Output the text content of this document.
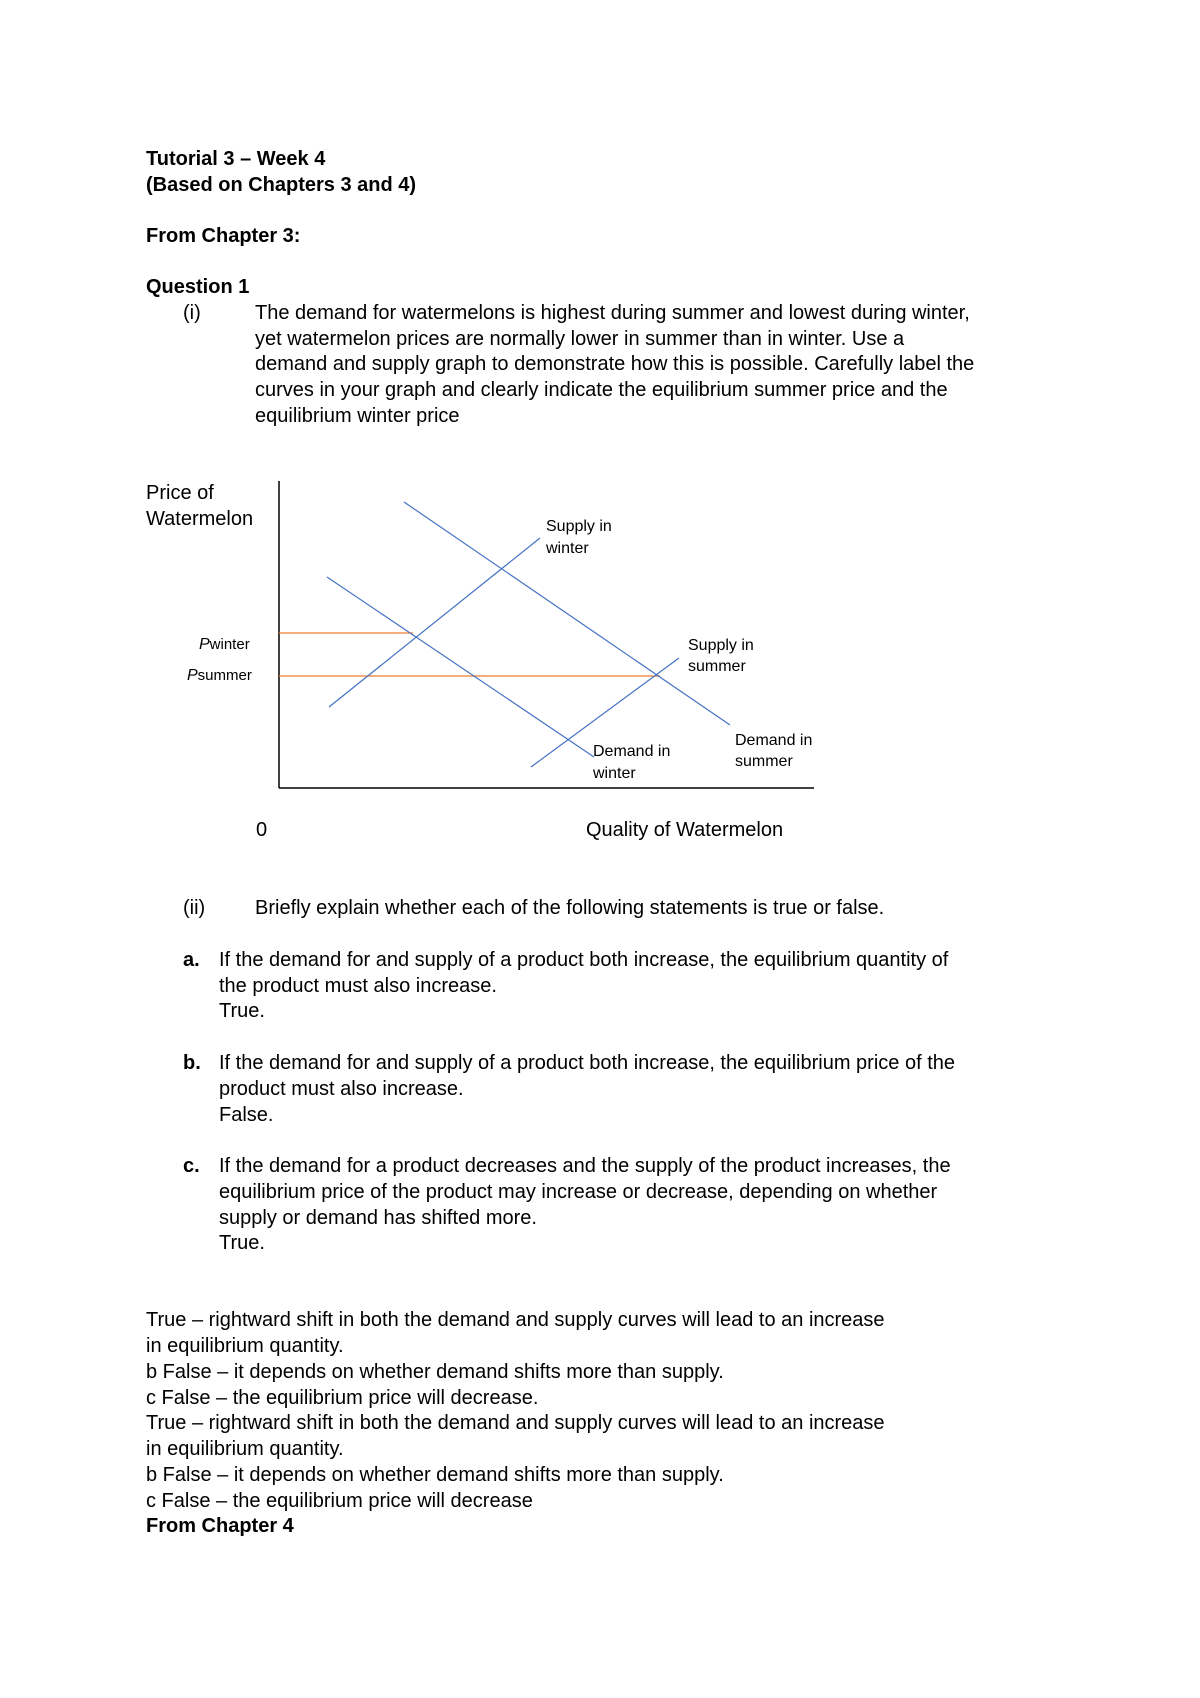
Tutorial 3 – Week 4
(Based on Chapters 3 and 4)
From Chapter 3:
Question 1
(i)	The demand for watermelons is highest during summer and lowest during winter,
yet watermelon prices are normally lower in summer than in winter. Use a
demand and supply graph to demonstrate how this is possible. Carefully label the
curves in your graph and clearly indicate the equilibrium summer price and the
equilibrium winter price
Price of
Watermelon
Pwinter
Psummer
Supply in
winter
Supply in
summer
Demand in
winter
Demand in
summer
0	Quality of Watermelon
(ii) Briefly explain whether each of the following statements is true or false.
a. If the demand for and supply of a product both increase, the equilibrium quantity of
the product must also increase.
True.
b. If the demand for and supply of a product both increase, the equilibrium price of the
product must also increase.
False.
c. If the demand for a product decreases and the supply of the product increases, the
equilibrium price of the product may increase or decrease, depending on whether
supply or demand has shifted more.
True.
True – rightward shift in both the demand and supply curves will lead to an increase
in equilibrium quantity.
b False – it depends on whether demand shifts more than supply.
c False – the equilibrium price will decrease.
True – rightward shift in both the demand and supply curves will lead to an increase
in equilibrium quantity.
b False – it depends on whether demand shifts more than supply.
c False – the equilibrium price will decrease
From Chapter 4
